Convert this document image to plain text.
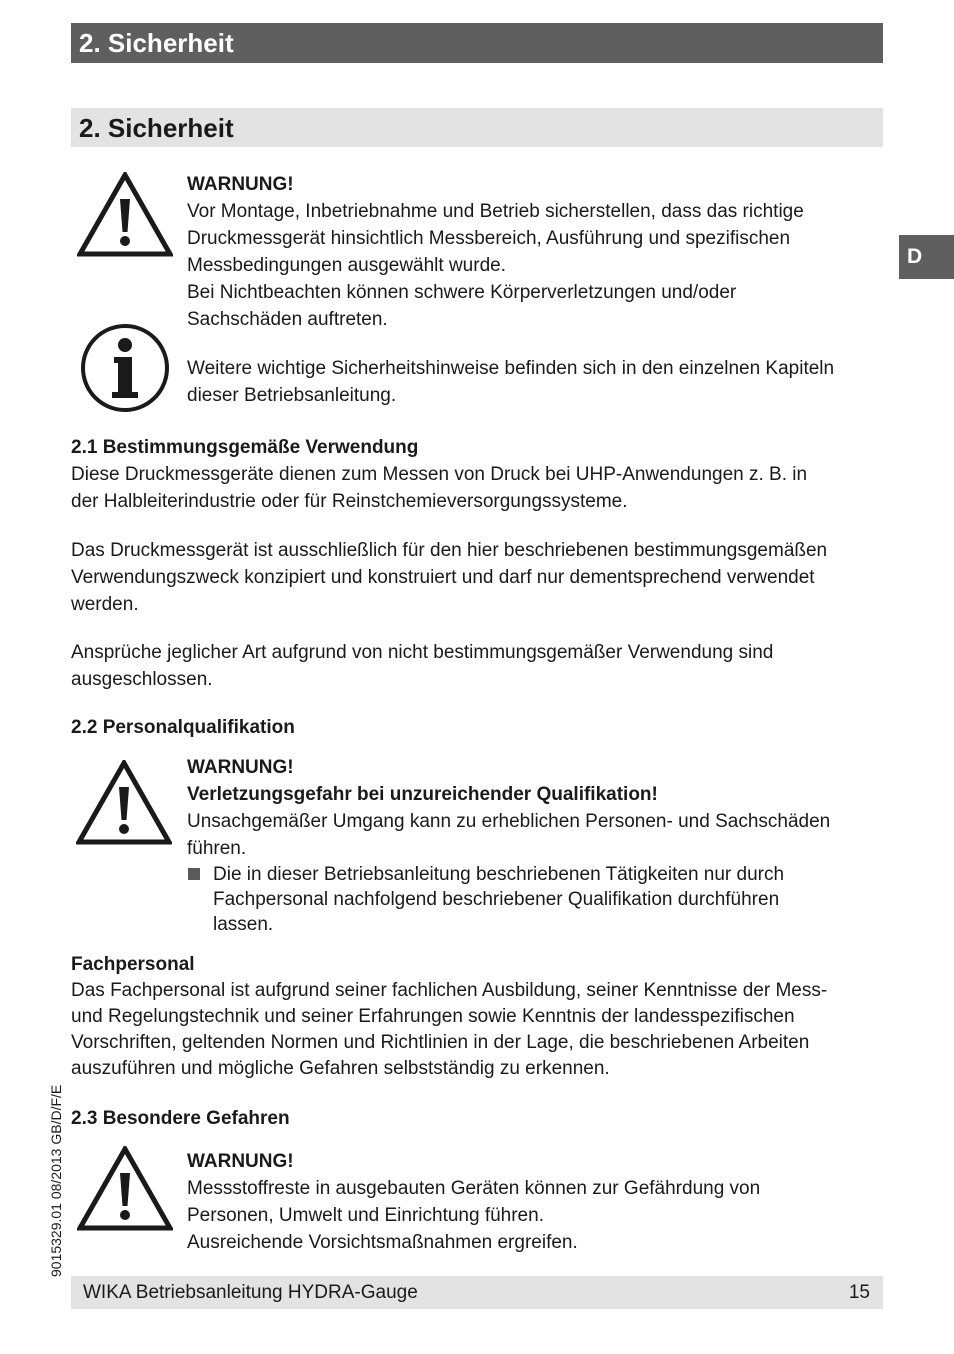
2. Sicherheit
2. Sicherheit
D
WARNUNG!
Vor Montage, Inbetriebnahme und Betrieb sicherstellen, dass das richtige
Druckmessgerät hinsichtlich Messbereich, Ausführung und spezifischen
Messbedingungen ausgewählt wurde.
Bei Nichtbeachten können schwere Körperverletzungen und/oder
Sachschäden auftreten.
Weitere wichtige Sicherheitshinweise befinden sich in den einzelnen Kapiteln
dieser Betriebsanleitung.
2.1 Bestimmungsgemäße Verwendung
Diese Druckmessgeräte dienen zum Messen von Druck bei UHP-Anwendungen z. B. in
der Halbleiterindustrie oder für Reinstchemieversorgungssysteme.
Das Druckmessgerät ist ausschließlich für den hier beschriebenen bestimmungsgemäßen
Verwendungszweck konzipiert und konstruiert und darf nur dementsprechend verwendet
werden.
Ansprüche jeglicher Art aufgrund von nicht bestimmungsgemäßer Verwendung sind
ausgeschlossen.
2.2 Personalqualifikation
WARNUNG!
Verletzungsgefahr bei unzureichender Qualifikation!
Unsachgemäßer Umgang kann zu erheblichen Personen- und Sachschäden
führen.
Die in dieser Betriebsanleitung beschriebenen Tätigkeiten nur durch
Fachpersonal nachfolgend beschriebener Qualifikation durchführen
lassen.
Fachpersonal
Das Fachpersonal ist aufgrund seiner fachlichen Ausbildung, seiner Kenntnisse der Mess-
und Regelungstechnik und seiner Erfahrungen sowie Kenntnis der landesspezifischen
Vorschriften, geltenden Normen und Richtlinien in der Lage, die beschriebenen Arbeiten
auszuführen und mögliche Gefahren selbstständig zu erkennen.
2.3 Besondere Gefahren
WARNUNG!
Messstoffreste in ausgebauten Geräten können zur Gefährdung von
Personen, Umwelt und Einrichtung führen.
Ausreichende Vorsichtsmaßnahmen ergreifen.
9015329.01 08/2013 GB/D/F/E
WIKA Betriebsanleitung HYDRA-Gauge	15
